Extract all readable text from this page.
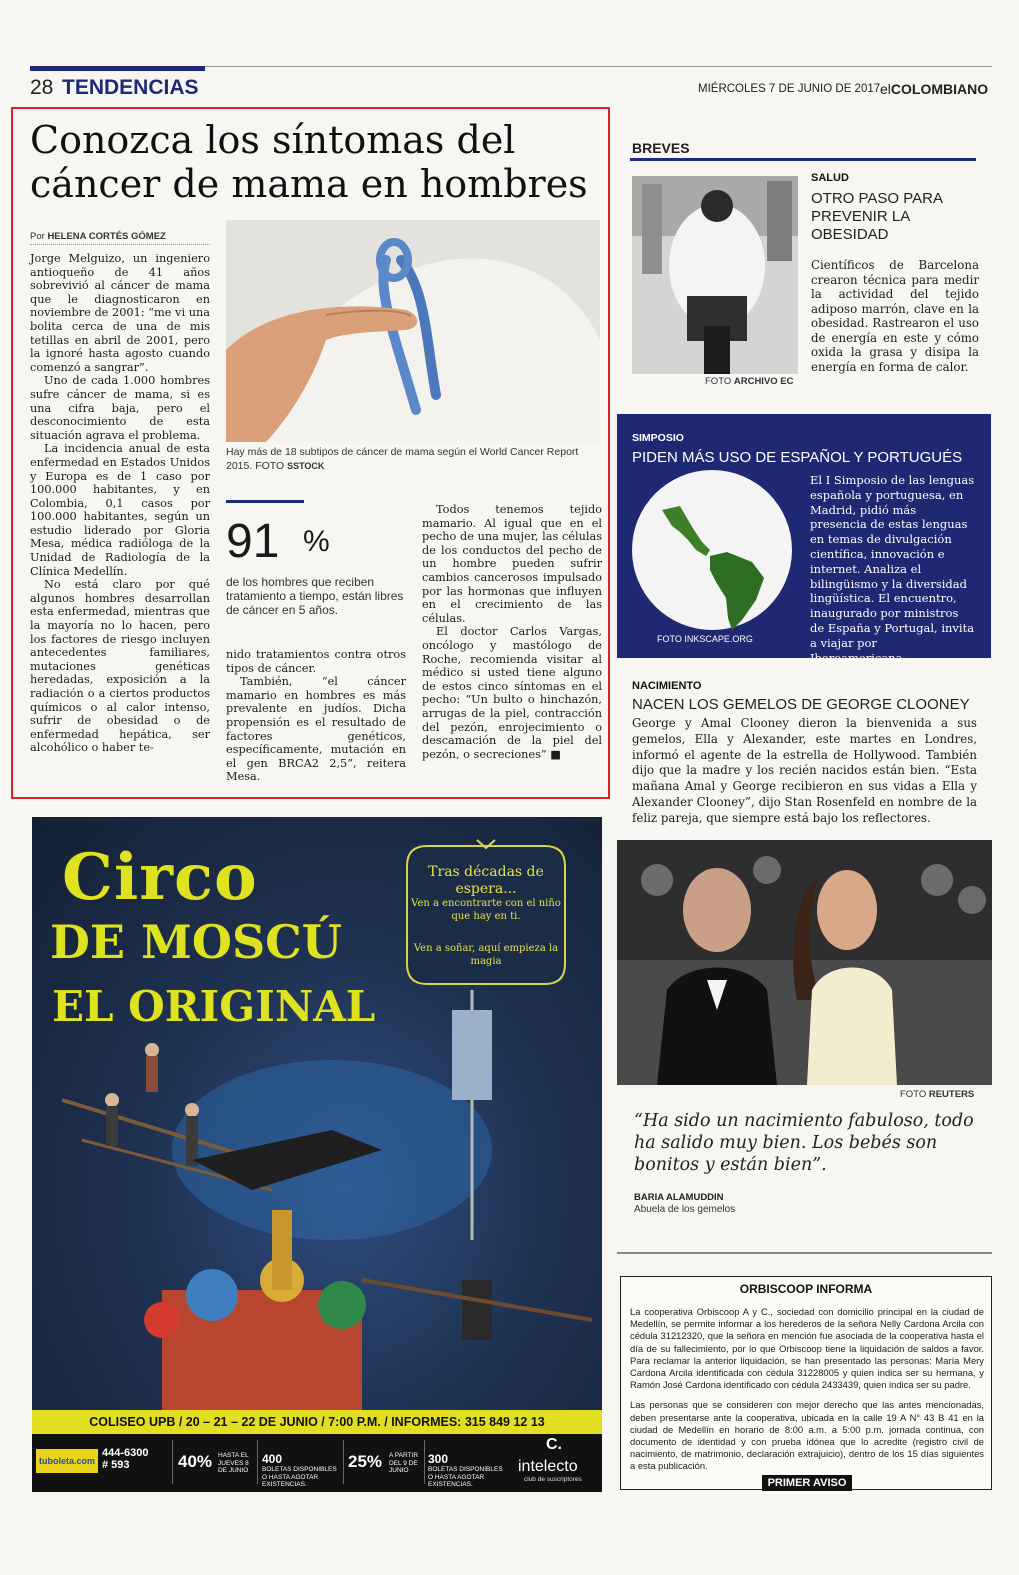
28 TENDENCIAS	MIÉRCOLES 7 DE JUNIO DE 2017 elCOLOMBIANO
Conozca los síntomas del
cáncer de mama en hombres
Por HELENA CORTÉS GÓMEZ

Jorge Melguizo, un ingeniero antioqueño de 41 años sobrevivió al cáncer de mama que le diagnosticaron en noviembre de 2001: “me vi una bolita cerca de una de mis tetillas en abril de 2001, pero la ignoré hasta agosto cuando comenzó a sangrar”.

Uno de cada 1.000 hombres sufre cáncer de mama, si es una cifra baja, pero el desconocimiento de esta situación agrava el problema.

La incidencia anual de esta enfermedad en Estados Unidos y Europa es de 1 caso por 100.000 habitantes, y en Colombia, 0,1 casos por 100.000 habitantes, según un estudio liderado por Gloria Mesa, médica radióloga de la Unidad de Radiología de la Clínica Medellín.

No está claro por qué algunos hombres desarrollan esta enfermedad, mientras que la mayoría no lo hacen, pero los factores de riesgo incluyen antecedentes familiares, mutaciones genéticas heredadas, exposición a la radiación o a ciertos productos químicos o al calor intenso, sufrir de obesidad o de enfermedad hepática, ser alcohólico o haber te-

Hay más de 18 subtipos de cáncer de mama según el World Cancer Report 2015. FOTO SSTOCK
91 %
de los hombres que reciben tratamiento a tiempo, están libres de cáncer en 5 años.

nido tratamientos contra otros tipos de cáncer.

También, “el cáncer mamario en hombres es más prevalente en judíos. Dicha propensión es el resultado de factores genéticos, específicamente, mutación en el gen BRCA2 2,5”, reitera Mesa.

Todos tenemos tejido mamario. Al igual que en el pecho de una mujer, las células de los conductos del pecho de un hombre pueden sufrir cambios cancerosos impulsado por las hormonas que influyen en el crecimiento de las células.

El doctor Carlos Vargas, oncólogo y mastólogo de Roche, recomienda visitar al médico si usted tiene alguno de estos cinco síntomas en el pecho: “Un bulto o hinchazón, arrugas de la piel, contracción del pezón, enrojecimiento o descamación de la piel del pezón, o secreciones” ■

BREVES
FOTO ARCHIVO EC
SALUD
OTRO PASO PARA PREVENIR LA OBESIDAD
Científicos de Barcelona crearon técnica para medir la actividad del tejido adiposo marrón, clave en la obesidad. Rastrearon el uso de energía en este y cómo oxida la grasa y disipa la energía en forma de calor.
SIMPOSIO
PIDEN MÁS USO DE ESPAÑOL Y PORTUGUÉS
FOTO INKSCAPE.ORG
El I Simposio de las lenguas española y portuguesa, en Madrid, pidió más presencia de estas lenguas en temas de divulgación científica, innovación e internet. Analiza el bilingüismo y la diversidad lingüística. El encuentro, inaugurado por ministros de España y Portugal, invita a viajar por Iberoamericana.
NACIMIENTO
NACEN LOS GEMELOS DE GEORGE CLOONEY
George y Amal Clooney dieron la bienvenida a sus gemelos, Ella y Alexander, este martes en Londres, informó el agente de la estrella de Hollywood. También dijo que la madre y los recién nacidos están bien. “Esta mañana Amal y George recibieron en sus vidas a Ella y Alexander Clooney”, dijo Stan Rosenfeld en nombre de la feliz pareja, que siempre está bajo los reflectores.
FOTO REUTERS
“Ha sido un nacimiento fabuloso, todo ha salido muy bien. Los bebés son bonitos y están bien”.
BARIA ALAMUDDIN
Abuela de los gemelos
ORBISCOOP INFORMA

La cooperativa Orbiscoop A y C., sociedad con domicilio principal en la ciudad de Medellín, se permite informar a los herederos de la señora Nelly Cardona Arcila con cédula 31212320, que la señora en mención fue asociada de la cooperativa hasta el día de su fallecimiento, por lo que Orbiscoop tiene la liquidación de saldos a favor. Para reclamar la anterior liquidación, se han presentado las personas: María Mery Cardona Arcila identificada con cédula 31228005 y quien indica ser su hermana, y Ramón José Cardona identificado con cédula 2433439, quien indica ser su padre.

Las personas que se consideren con mejor derecho que las antes mencionadas, deben presentarse ante la cooperativa, ubicada en la calle 19 A N° 43 B 41 en la ciudad de Medellín en horario de 8:00 a.m. a 5:00 p.m. jornada continua, con documento de identidad y con prueba idónea que lo acredite (registro civil de nacimiento, de matrimonio, declaración extrajuicio), dentro de los 15 días siguientes a esta publicación.

PRIMER AVISO
Circo
DE MOSCÚ
EL ORIGINAL
Tras décadas de espera...
Ven a encontrarte con el niño que hay en ti.
Ven a soñar, aquí empieza la magia
COLISEO UPB / 20 – 21 – 22 DE JUNIO / 7:00 P.M. / INFORMES: 315 849 12 13
tuboleta.com
444-6300
# 593	40% HASTA EL JUEVES 8 DE JUNIO
400
BOLETAS DISPONIBLES O HASTA AGOTAR EXISTENCIAS.
25% A PARTIR DEL 9 DE JUNIO
300
BOLETAS DISPONIBLES O HASTA AGOTAR EXISTENCIAS.
C.
intelecto
club de suscriptores
